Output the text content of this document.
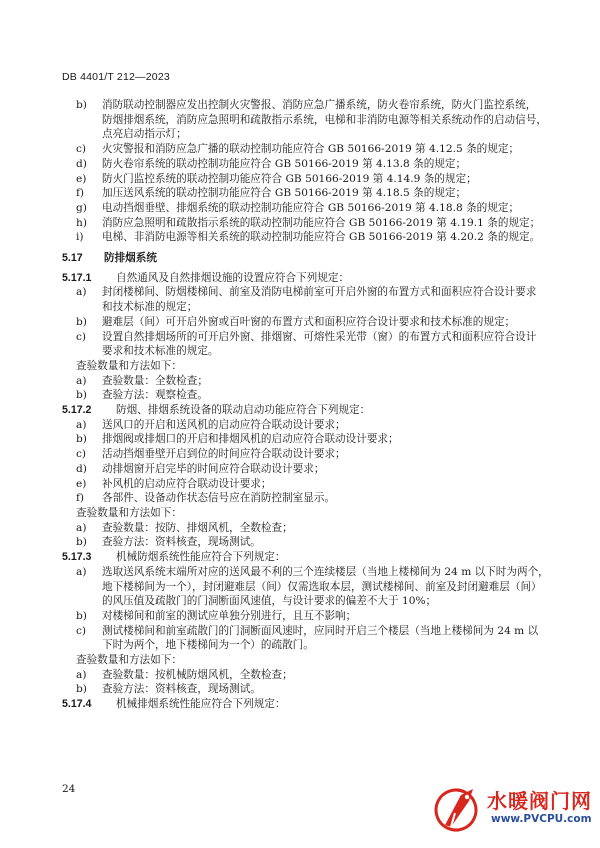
DB 4401/T 212—2023
b)	消防联动控制器应发出控制火灾警报、消防应急广播系统，防火卷帘系统，防火门监控系统，
防烟排烟系统，消防应急照明和疏散指示系统，电梯和非消防电源等相关系统动作的启动信号，
点亮启动指示灯；
c)	火灾警报和消防应急广播的联动控制功能应符合 GB 50166-2019 第 4.12.5 条的规定；
d)	防火卷帘系统的联动控制功能应符合 GB 50166-2019 第 4.13.8 条的规定；
e)	防火门监控系统的联动控制功能应符合 GB 50166-2019 第 4.14.9 条的规定；
f)	加压送风系统的联动控制功能应符合 GB 50166-2019 第 4.18.5 条的规定；
g)	电动挡烟垂壁、排烟系统的联动控制功能应符合 GB 50166-2019 第 4.18.8 条的规定；
h)	消防应急照明和疏散指示系统的联动控制功能应符合 GB 50166-2019 第 4.19.1 条的规定；
i)	电梯、非消防电源等相关系统的联动控制功能应符合 GB 50166-2019 第 4.20.2 条的规定。
5.17	防排烟系统
5.17.1	自然通风及自然排烟设施的设置应符合下列规定：
a)	封闭楼梯间、防烟楼梯间、前室及消防电梯前室可开启外窗的布置方式和面积应符合设计要求
和技术标准的规定；
b)	避难层（间）可开启外窗或百叶窗的布置方式和面积应符合设计要求和技术标准的规定；
c)	设置自然排烟场所的可开启外窗、排烟窗、可熔性采光带（窗）的布置方式和面积应符合设计
要求和技术标准的规定。
查验数量和方法如下：
a)	查验数量：全数检查；
b)	查验方法：观察检查。
5.17.2	防烟、排烟系统设备的联动启动功能应符合下列规定：
a)	送风口的开启和送风机的启动应符合联动设计要求；
b)	排烟阀或排烟口的开启和排烟风机的启动应符合联动设计要求；
c)	活动挡烟垂壁开启到位的时间应符合联动设计要求；
d)	动排烟窗开启完毕的时间应符合联动设计要求；
e)	补风机的启动应符合联动设计要求；
f)	各部件、设备动作状态信号应在消防控制室显示。
查验数量和方法如下：
a)	查验数量：按防、排烟风机，全数检查；
b)	查验方法：资料核查，现场测试。
5.17.3	机械防烟系统性能应符合下列规定：
a)	选取送风系统末端所对应的送风最不利的三个连续楼层（当地上楼梯间为 24 m 以下时为两个，
地下楼梯间为一个），封闭避难层（间）仅需选取本层，测试楼梯间、前室及封闭避难层（间）
的风压值及疏散门的门洞断面风速值，与设计要求的偏差不大于 10%；
b)	对楼梯间和前室的测试应单独分别进行，且互不影响；
c)	测试楼梯间和前室疏散门的门洞断面风速时，应同时开启三个楼层（当地上楼梯间为 24 m 以
下时为两个，地下楼梯间为一个）的疏散门。
查验数量和方法如下：
a)	查验数量：按机械防烟风机，全数检查；
b)	查验方法：资料核查，现场测试。
5.17.4	机械排烟系统性能应符合下列规定：
24	水暖阀门网
www.PVCPU.com
